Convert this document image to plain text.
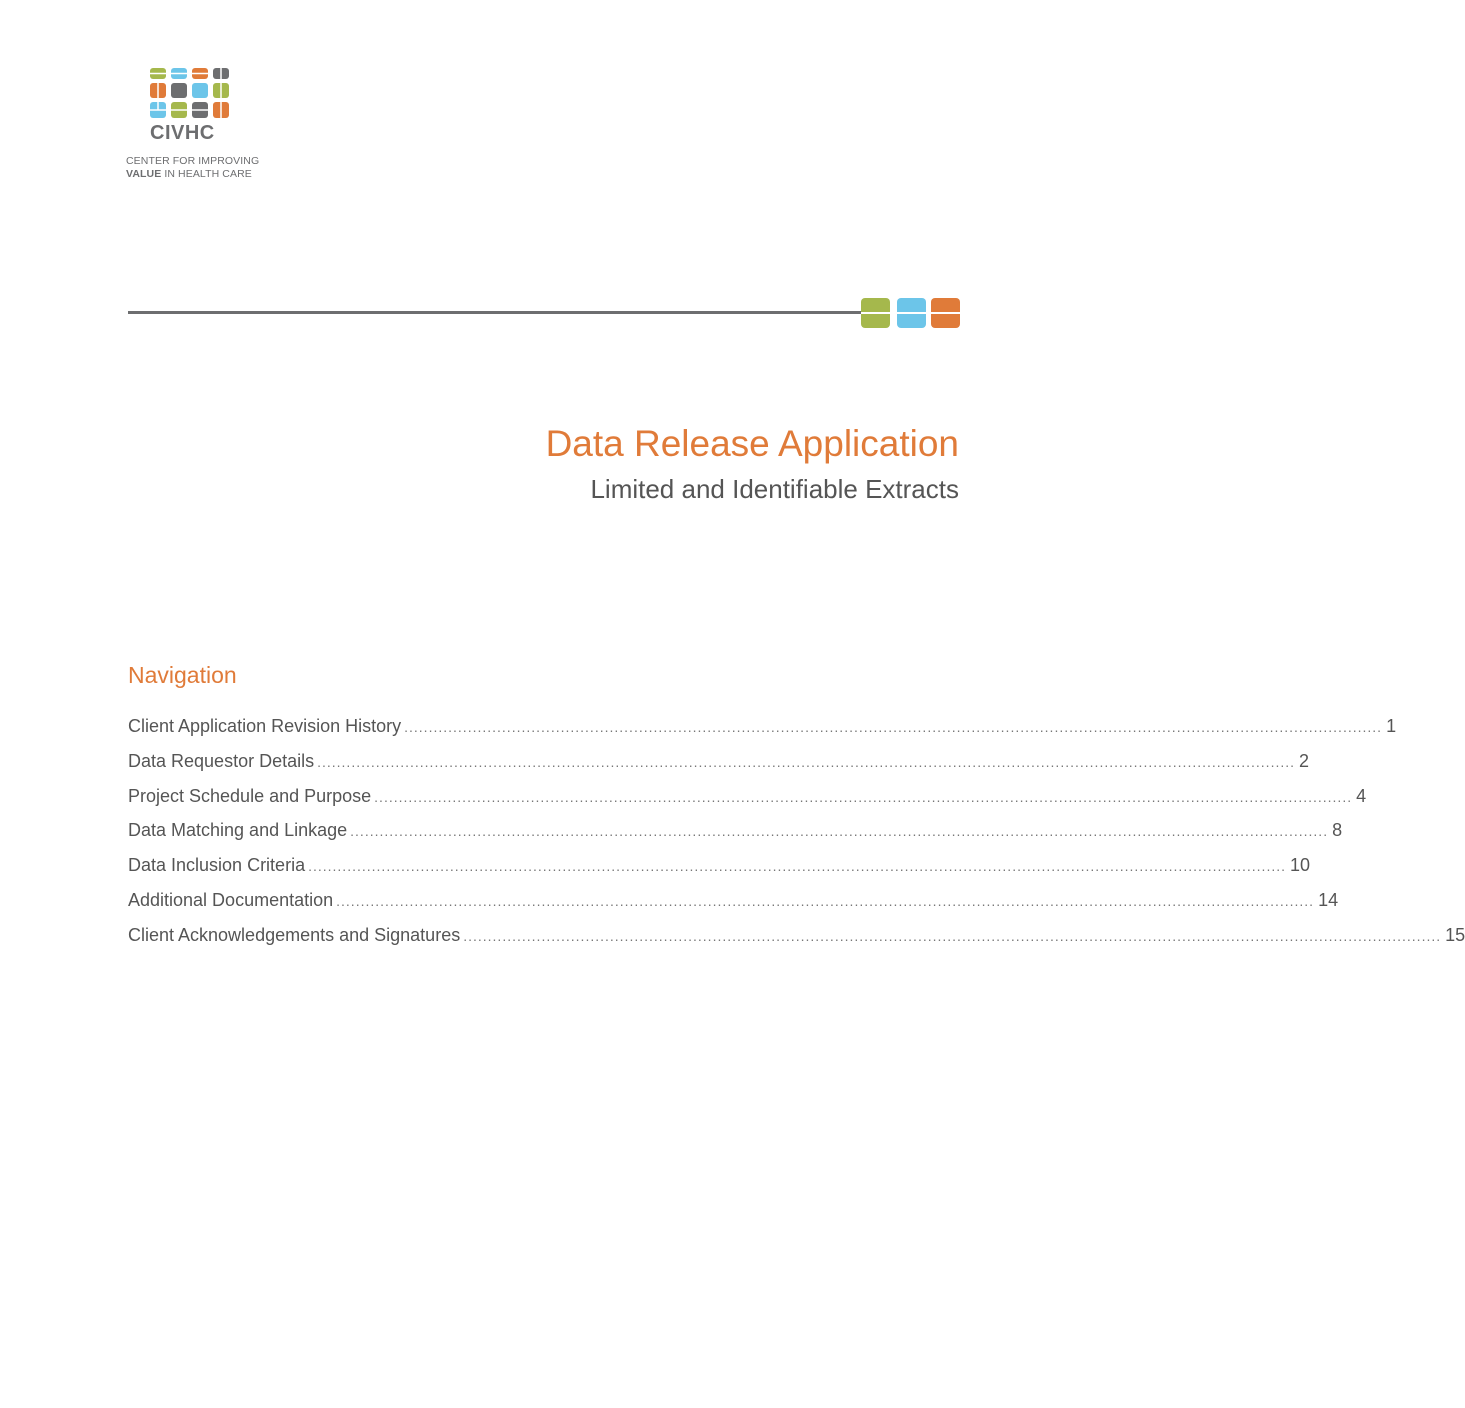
CIVHC
CENTER FOR IMPROVING
VALUE IN HEALTH CARE
Data Release Application
Limited and Identifiable Extracts
Navigation
Client Application Revision History ........................................................................................................................................................................................................ 1
Data Requestor Details ........................................................................................................................................................................................................ 2
Project Schedule and Purpose ........................................................................................................................................................................................................ 4
Data Matching and Linkage ........................................................................................................................................................................................................ 8
Data Inclusion Criteria ........................................................................................................................................................................................................ 10
Additional Documentation ........................................................................................................................................................................................................ 14
Client Acknowledgements and Signatures ........................................................................................................................................................................................................ 15
